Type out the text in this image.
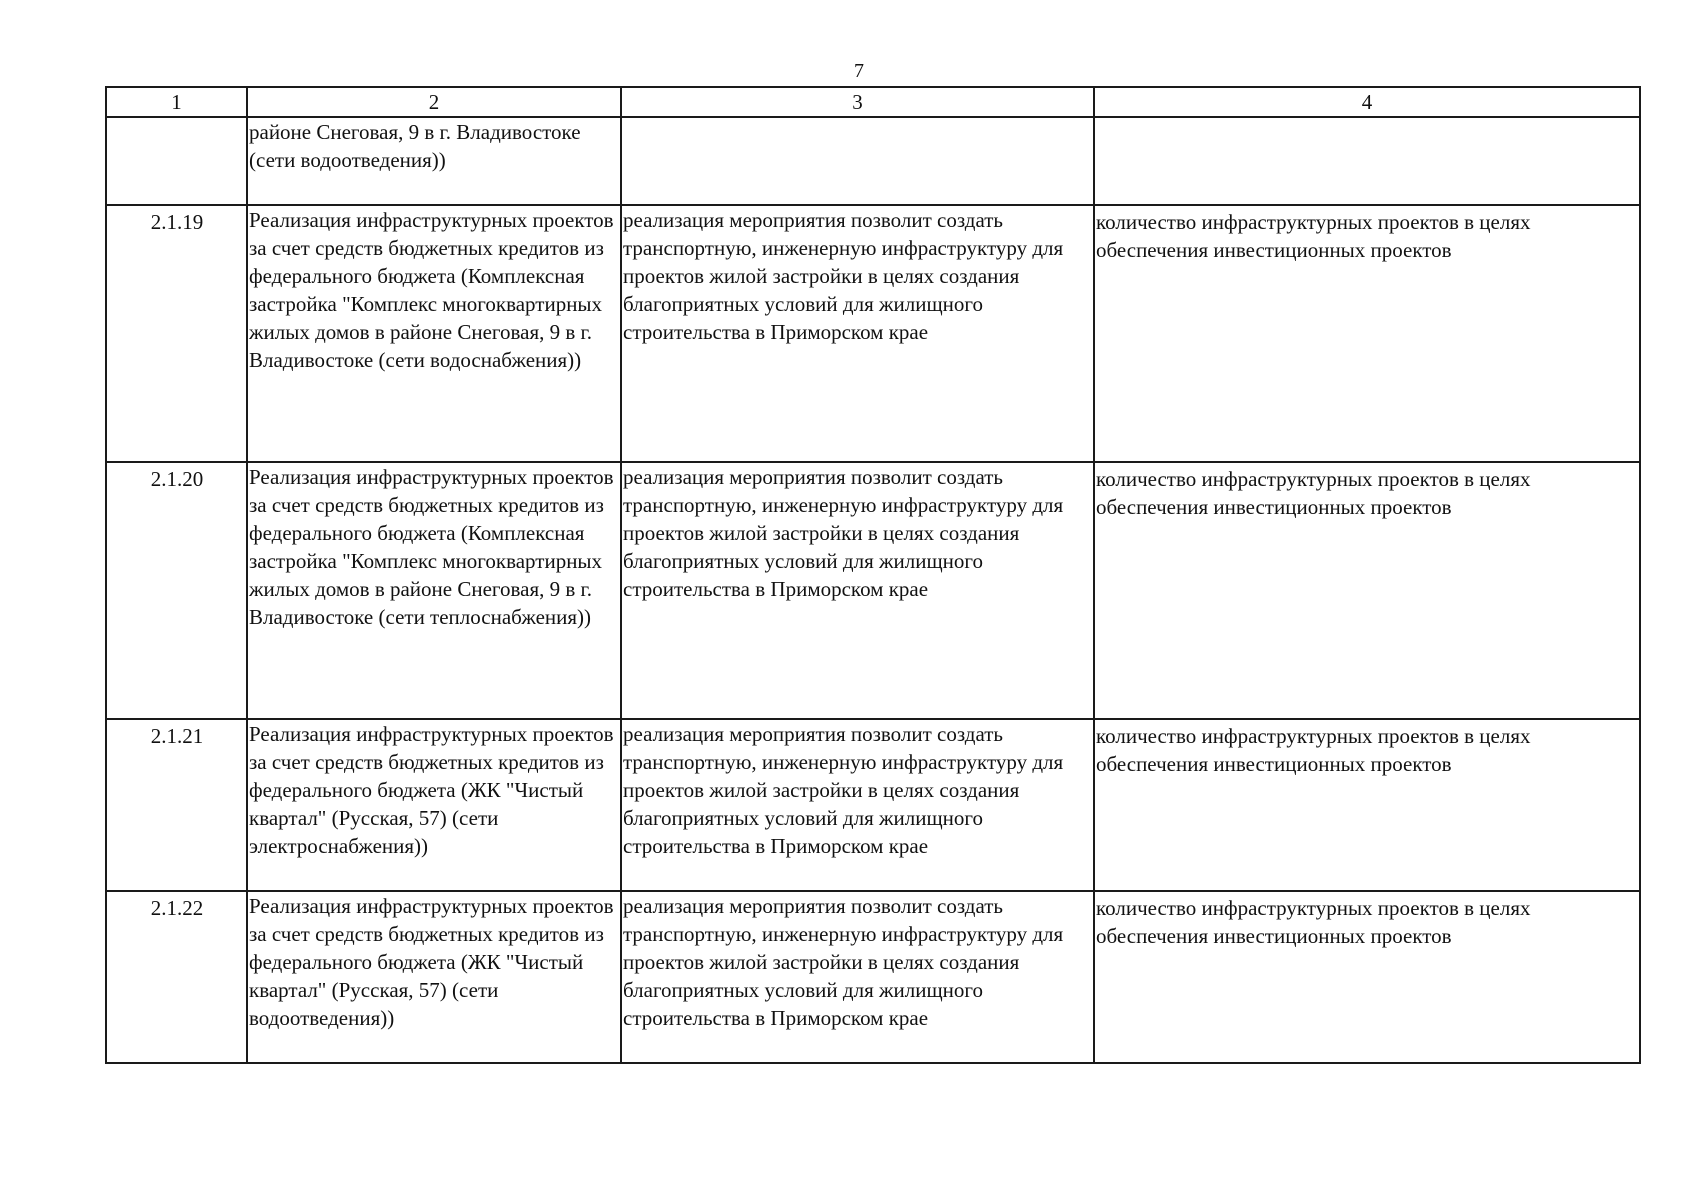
7
1	2	3	4
	районе Снеговая, 9 в г. Владивостоке (сети водоотведения))		
2.1.19	Реализация инфраструктурных проектов за счет средств бюджетных кредитов из федерального бюджета (Комплексная застройка "Комплекс многоквартирных жилых домов в районе Снеговая, 9 в г. Владивостоке (сети водоснабжения))	реализация мероприятия позволит создать транспортную, инженерную инфраструктуру для проектов жилой застройки в целях создания благоприятных условий для жилищного строительства в Приморском крае	количество инфраструктурных проектов в целях обеспечения инвестиционных проектов
2.1.20	Реализация инфраструктурных проектов за счет средств бюджетных кредитов из федерального бюджета (Комплексная застройка "Комплекс многоквартирных жилых домов в районе Снеговая, 9 в г. Владивостоке (сети теплоснабжения))	реализация мероприятия позволит создать транспортную, инженерную инфраструктуру для проектов жилой застройки в целях создания благоприятных условий для жилищного строительства в Приморском крае	количество инфраструктурных проектов в целях обеспечения инвестиционных проектов
2.1.21	Реализация инфраструктурных проектов за счет средств бюджетных кредитов из федерального бюджета (ЖК "Чистый квартал" (Русская, 57) (сети электроснабжения))	реализация мероприятия позволит создать транспортную, инженерную инфраструктуру для проектов жилой застройки в целях создания благоприятных условий для жилищного строительства в Приморском крае	количество инфраструктурных проектов в целях обеспечения инвестиционных проектов
2.1.22	Реализация инфраструктурных проектов за счет средств бюджетных кредитов из федерального бюджета (ЖК "Чистый квартал" (Русская, 57) (сети водоотведения))	реализация мероприятия позволит создать транспортную, инженерную инфраструктуру для проектов жилой застройки в целях создания благоприятных условий для жилищного строительства в Приморском крае	количество инфраструктурных проектов в целях обеспечения инвестиционных проектов
